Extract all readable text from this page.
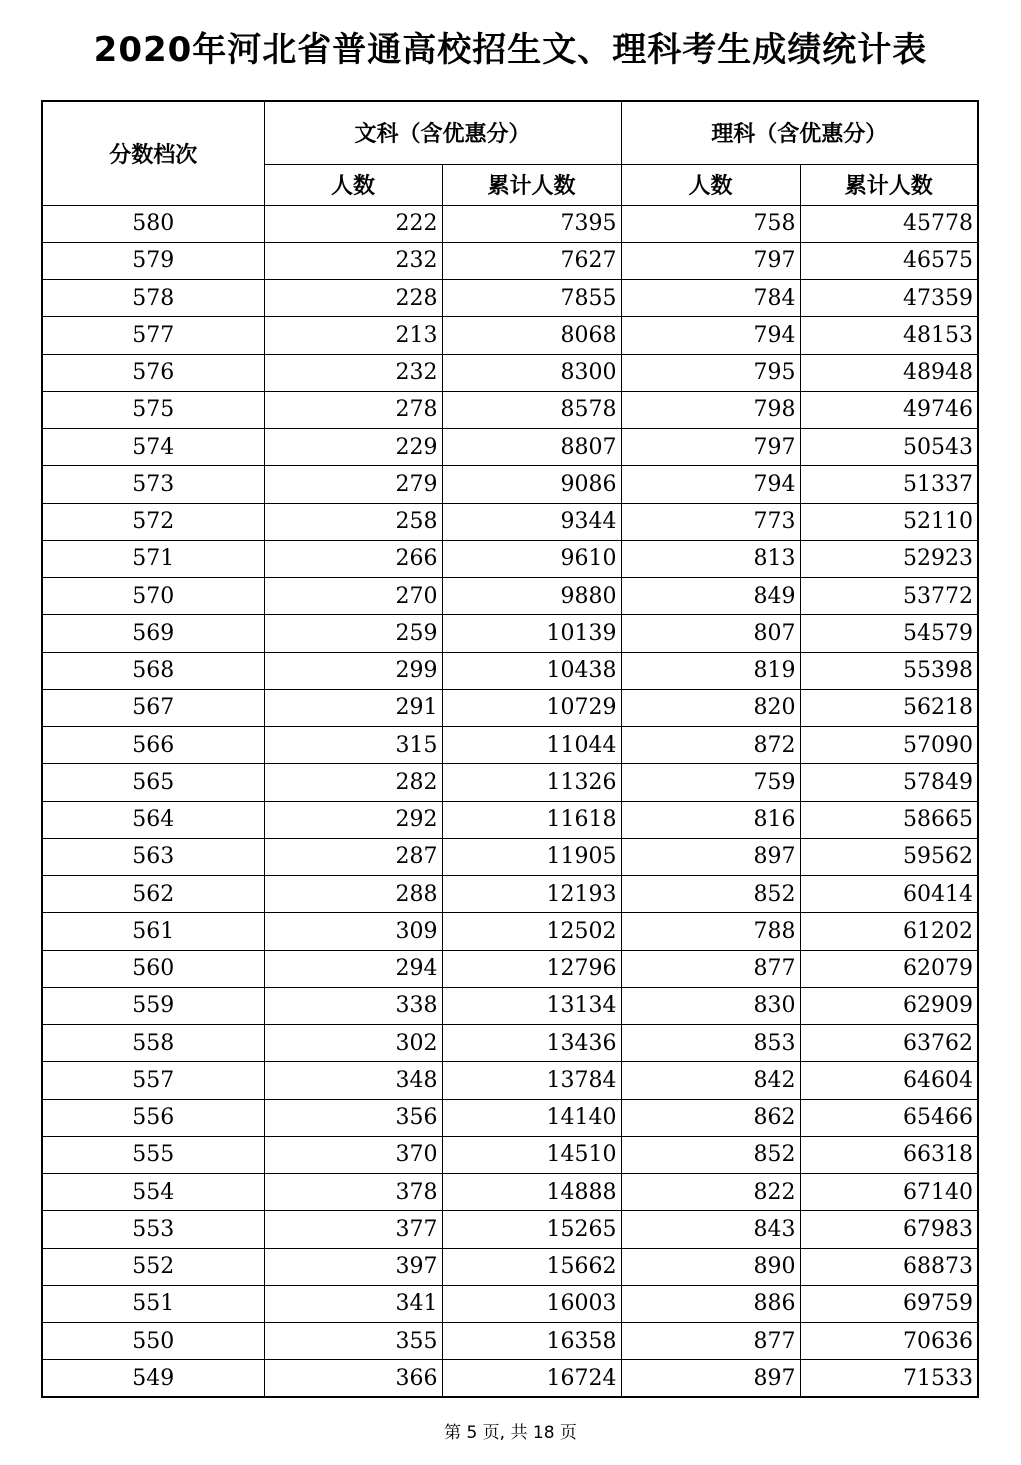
2020年河北省普通高校招生文、理科考生成绩统计表
分数档次	文科（含优惠分）		理科（含优惠分）	
	人数	累计人数	人数	累计人数
580	222	7395	758	45778
579	232	7627	797	46575
578	228	7855	784	47359
577	213	8068	794	48153
576	232	8300	795	48948
575	278	8578	798	49746
574	229	8807	797	50543
573	279	9086	794	51337
572	258	9344	773	52110
571	266	9610	813	52923
570	270	9880	849	53772
569	259	10139	807	54579
568	299	10438	819	55398
567	291	10729	820	56218
566	315	11044	872	57090
565	282	11326	759	57849
564	292	11618	816	58665
563	287	11905	897	59562
562	288	12193	852	60414
561	309	12502	788	61202
560	294	12796	877	62079
559	338	13134	830	62909
558	302	13436	853	63762
557	348	13784	842	64604
556	356	14140	862	65466
555	370	14510	852	66318
554	378	14888	822	67140
553	377	15265	843	67983
552	397	15662	890	68873
551	341	16003	886	69759
550	355	16358	877	70636
549	366	16724	897	71533
第 5 页, 共 18 页
